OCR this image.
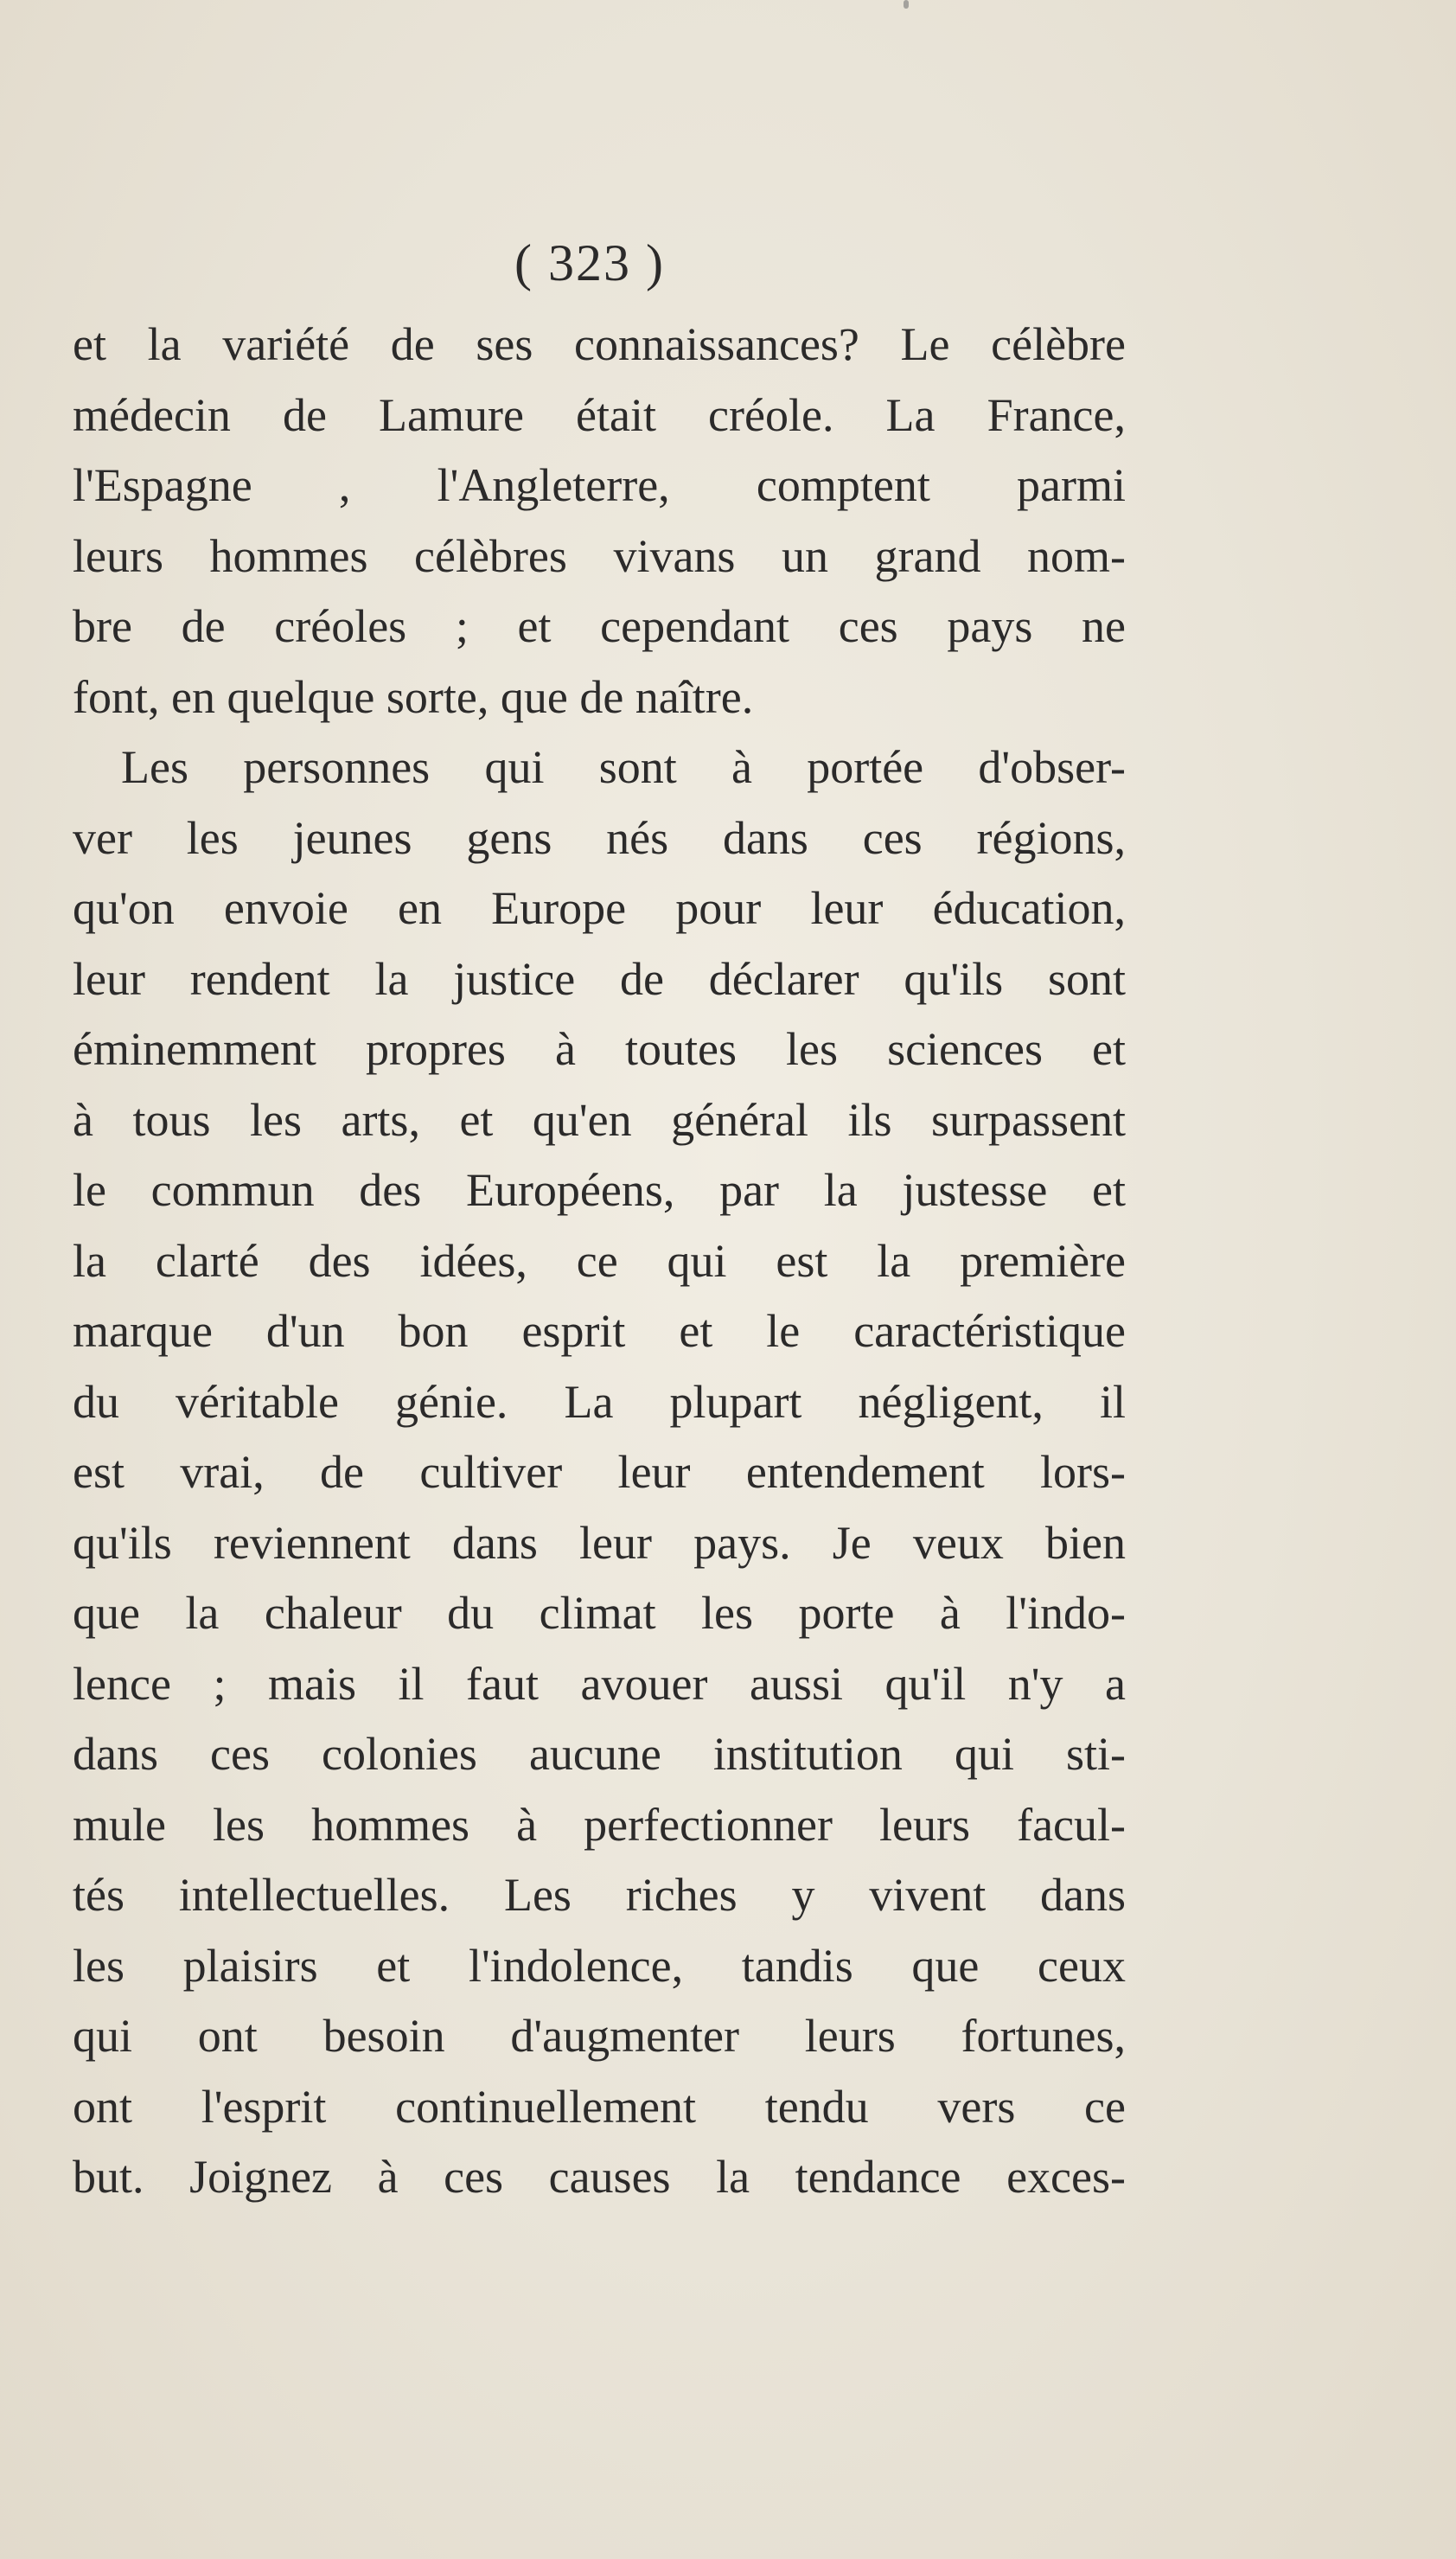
( 323 )
et la variété de ses connaissances? Le célèbre
médecin de Lamure était créole. La France,
l'Espagne , l'Angleterre, comptent parmi
leurs hommes célèbres vivans un grand nom-
bre de créoles ; et cependant ces pays ne
font, en quelque sorte, que de naître.
Les personnes qui sont à portée d'obser-
ver les jeunes gens nés dans ces régions,
qu'on envoie en Europe pour leur éducation,
leur rendent la justice de déclarer qu'ils sont
éminemment propres à toutes les sciences et
à tous les arts, et qu'en général ils surpassent
le commun des Européens, par la justesse et
la clarté des idées, ce qui est la première
marque d'un bon esprit et le caractéristique
du véritable génie. La plupart négligent, il
est vrai, de cultiver leur entendement lors-
qu'ils reviennent dans leur pays. Je veux bien
que la chaleur du climat les porte à l'indo-
lence ; mais il faut avouer aussi qu'il n'y a
dans ces colonies aucune institution qui sti-
mule les hommes à perfectionner leurs facul-
tés intellectuelles. Les riches y vivent dans
les plaisirs et l'indolence, tandis que ceux
qui ont besoin d'augmenter leurs fortunes,
ont l'esprit continuellement tendu vers ce
but. Joignez à ces causes la tendance exces-
